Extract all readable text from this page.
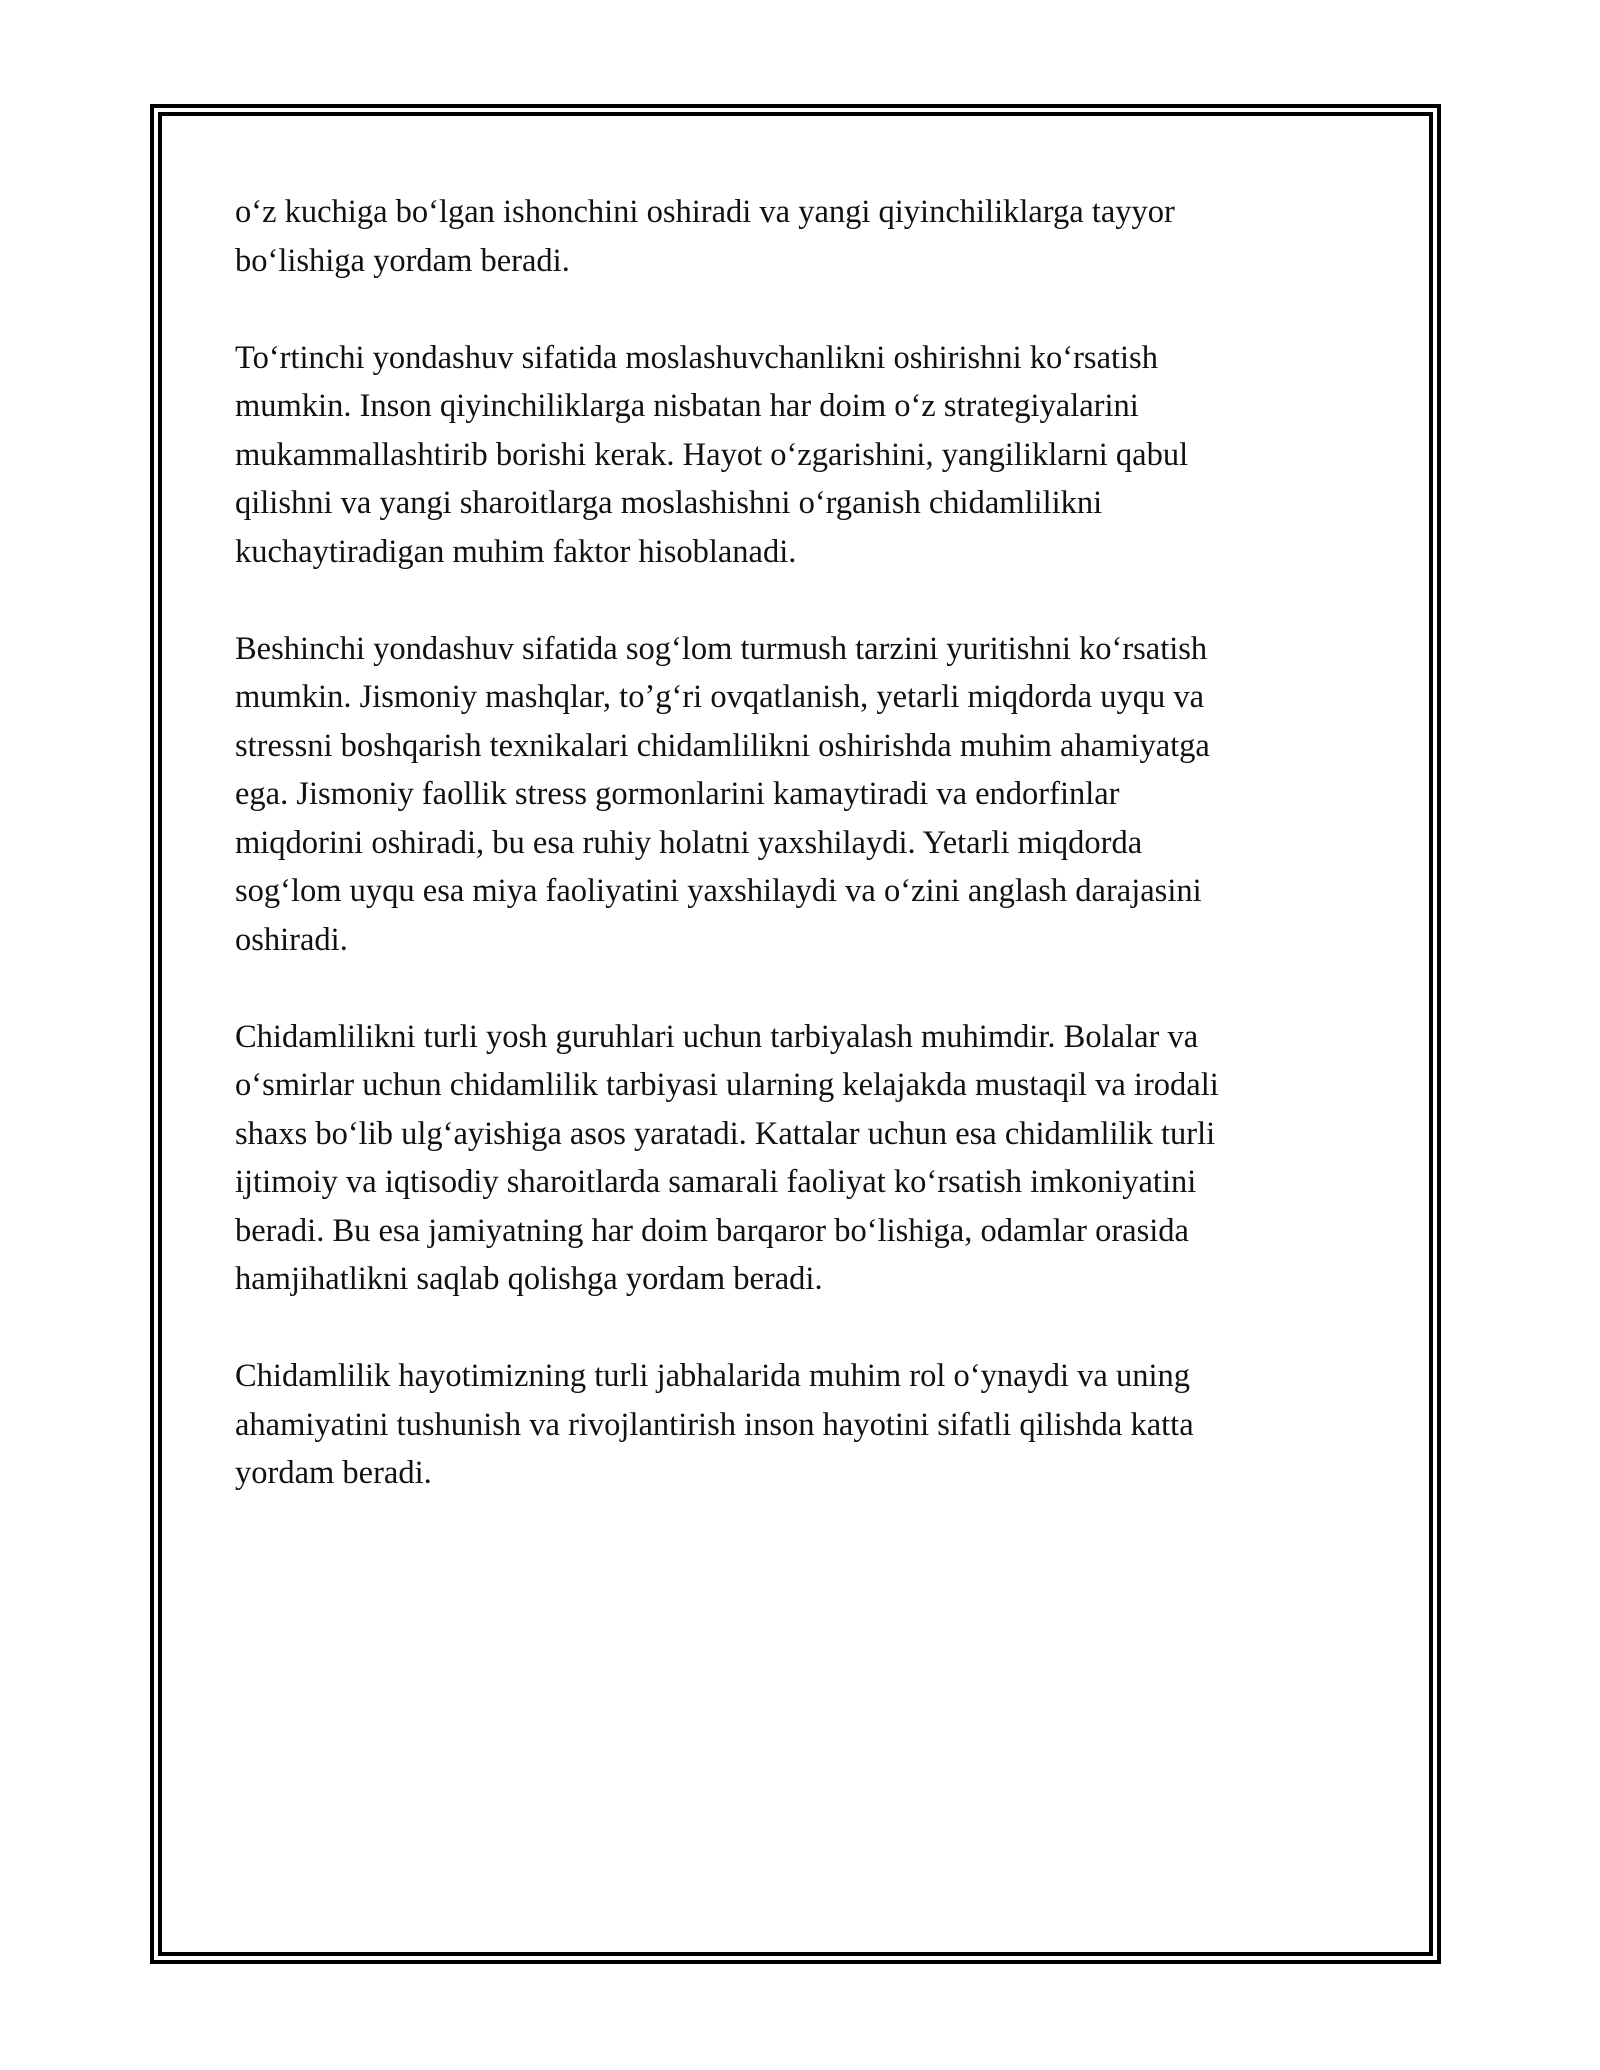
oʻz kuchiga boʻlgan ishonchini oshiradi va yangi qiyinchiliklarga tayyor
boʻlishiga yordam beradi.

Toʻrtinchi yondashuv sifatida moslashuvchanlikni oshirishni koʻrsatish
mumkin. Inson qiyinchiliklarga nisbatan har doim oʻz strategiyalarini
mukammallashtirib borishi kerak. Hayot oʻzgarishini, yangiliklarni qabul
qilishni va yangi sharoitlarga moslashishni oʻrganish chidamlilikni
kuchaytiradigan muhim faktor hisoblanadi.

Beshinchi yondashuv sifatida sogʻlom turmush tarzini yuritishni koʻrsatish
mumkin. Jismoniy mashqlar, toʼgʻri ovqatlanish, yetarli miqdorda uyqu va
stressni boshqarish texnikalari chidamlilikni oshirishda muhim ahamiyatga
ega. Jismoniy faollik stress gormonlarini kamaytiradi va endorfinlar
miqdorini oshiradi, bu esa ruhiy holatni yaxshilaydi. Yetarli miqdorda
sogʻlom uyqu esa miya faoliyatini yaxshilaydi va oʻzini anglash darajasini
oshiradi.

Chidamlilikni turli yosh guruhlari uchun tarbiyalash muhimdir. Bolalar va
oʻsmirlar uchun chidamlilik tarbiyasi ularning kelajakda mustaqil va irodali
shaxs boʻlib ulgʻayishiga asos yaratadi. Kattalar uchun esa chidamlilik turli
ijtimoiy va iqtisodiy sharoitlarda samarali faoliyat koʻrsatish imkoniyatini
beradi. Bu esa jamiyatning har doim barqaror boʻlishiga, odamlar orasida
hamjihatlikni saqlab qolishga yordam beradi.

Chidamlilik hayotimizning turli jabhalarida muhim rol oʻynaydi va uning
ahamiyatini tushunish va rivojlantirish inson hayotini sifatli qilishda katta
yordam beradi.
